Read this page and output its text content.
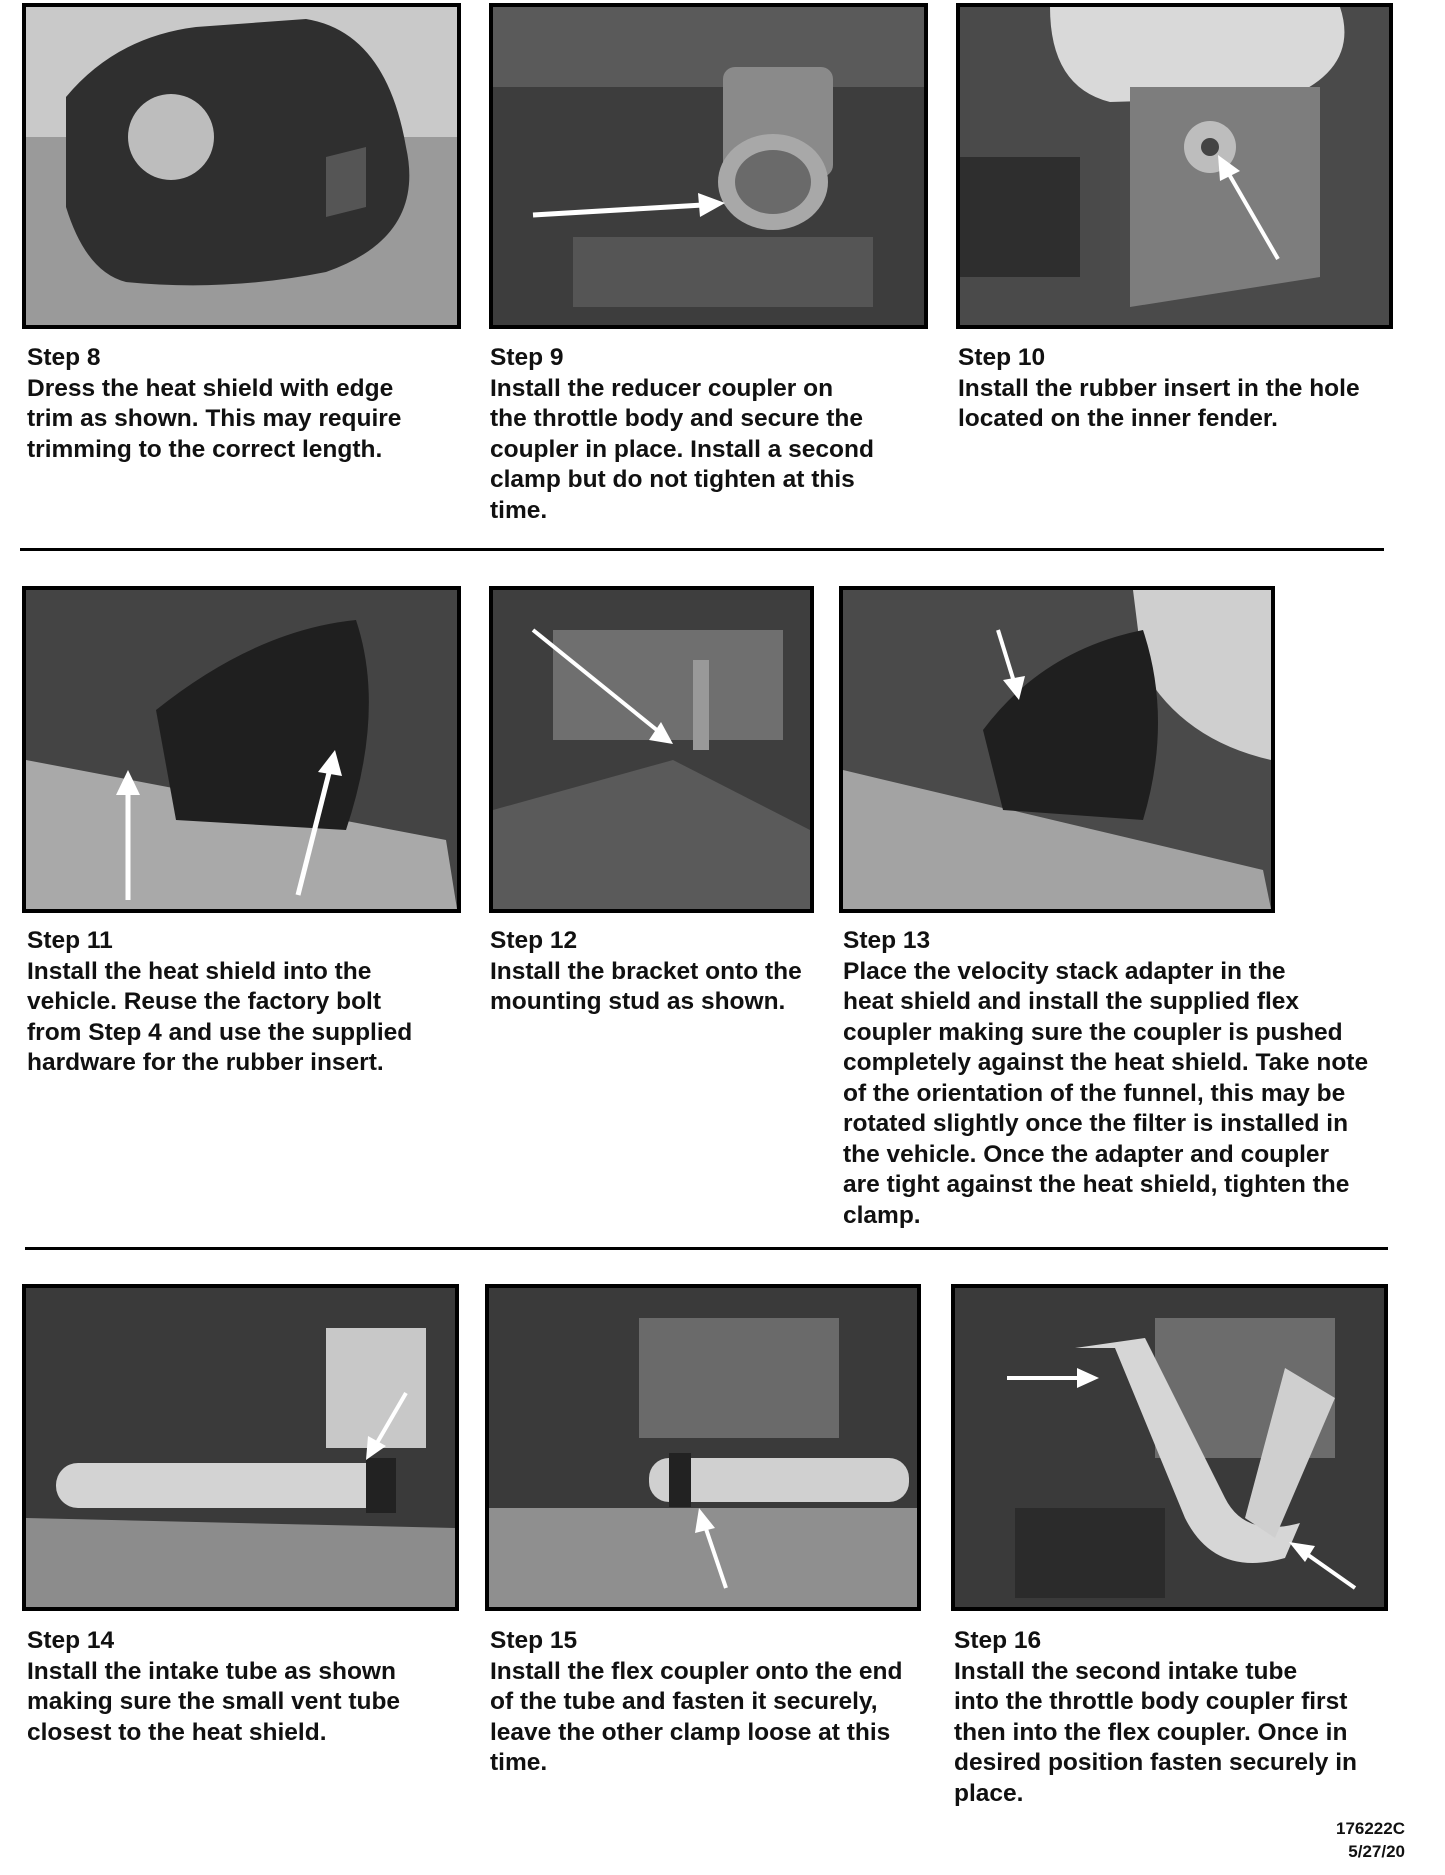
Step 8
Dress the heat shield with edge
trim as shown. This may require
trimming to the correct length.
Step 9
Install the reducer coupler on
the throttle body and secure the
coupler in place. Install a second
clamp but do not tighten at this
time.
Step 10
Install the rubber insert in the hole
located on the inner fender.
Step 11
Install the heat shield into the
vehicle. Reuse the factory bolt
from Step 4 and use the supplied
hardware for the rubber insert.
Step 12
Install the bracket onto the
mounting stud as shown.
Step 13
Place the velocity stack adapter in the
heat shield and install the supplied flex
coupler making sure the coupler is pushed
completely against the heat shield. Take note
of the orientation of the funnel, this may be
rotated slightly once the filter is installed in
the vehicle. Once the adapter and coupler
are tight against the heat shield, tighten the
clamp.
Step 14
Install the intake tube as shown
making sure the small vent tube
closest to the heat shield.
Step 15
Install the flex coupler onto the end
of the tube and fasten it securely,
leave the other clamp loose at this
time.
Step 16
Install the second intake tube
into the throttle body coupler first
then into the flex coupler. Once in
desired position fasten securely in
place.
176222C
5/27/20
